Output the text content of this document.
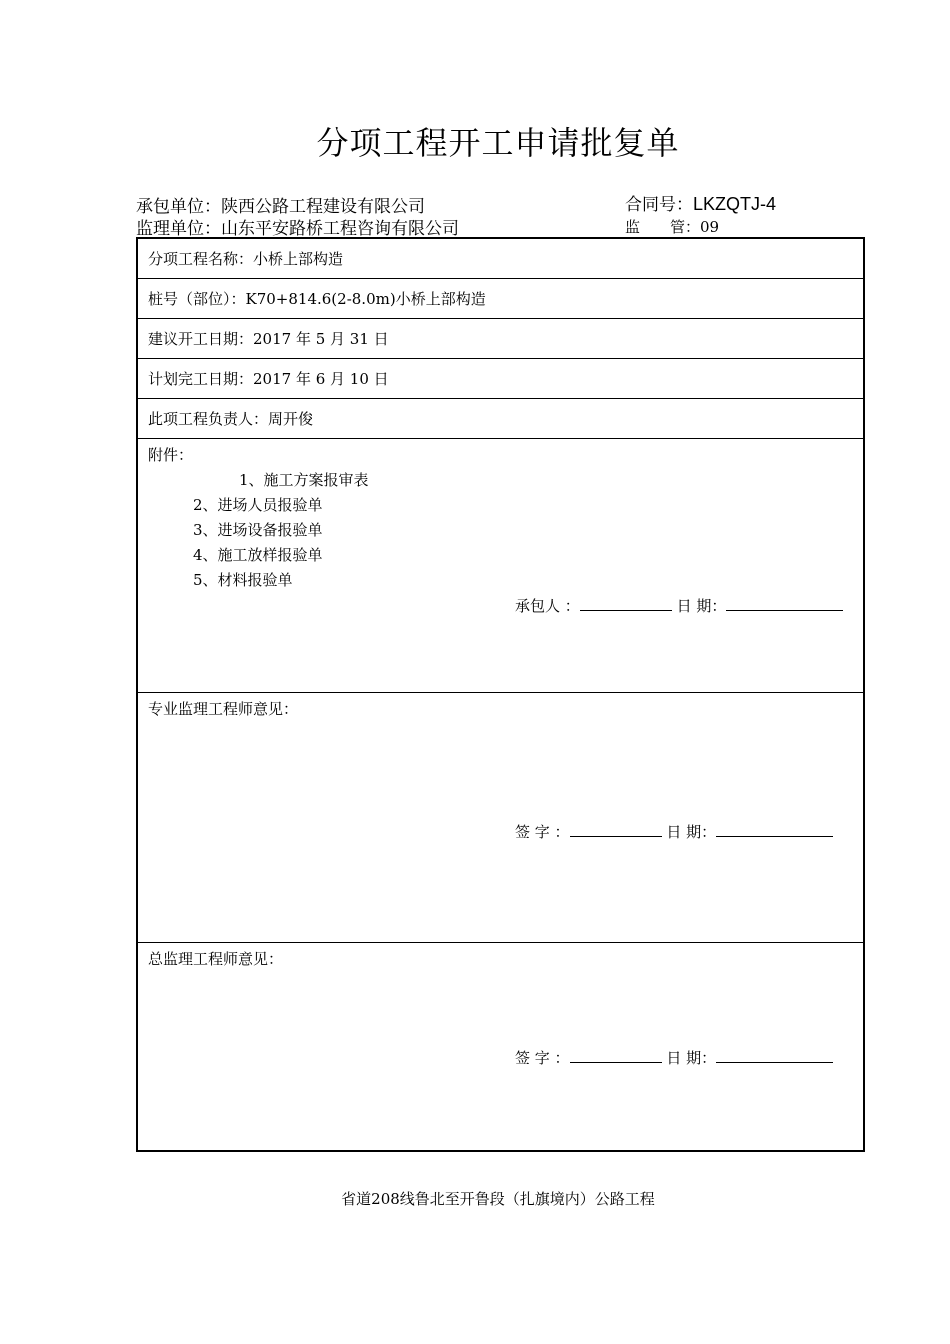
分项工程开工申请批复单
承包单位：陕西公路工程建设有限公司	合同号：LKZQTJ-4
监理单位：山东平安路桥工程咨询有限公司	监　　管：09
分项工程名称：小桥上部构造
桩号（部位）：K70+814.6(2-8.0m)小桥上部构造
建议开工日期：2017 年 5 月 31 日
计划完工日期：2017 年 6 月 10 日
此项工程负责人：周开俊

附件：
1、施工方案报审表
2、进场人员报验单
3、进场设备报验单
4、施工放样报验单
5、材料报验单
承包人 ：	日 期：

专业监理工程师意见：
签 字 ：	日 期：

总监理工程师意见：
签 字 ：	日 期：
省道208线鲁北至开鲁段（扎旗境内）公路工程
